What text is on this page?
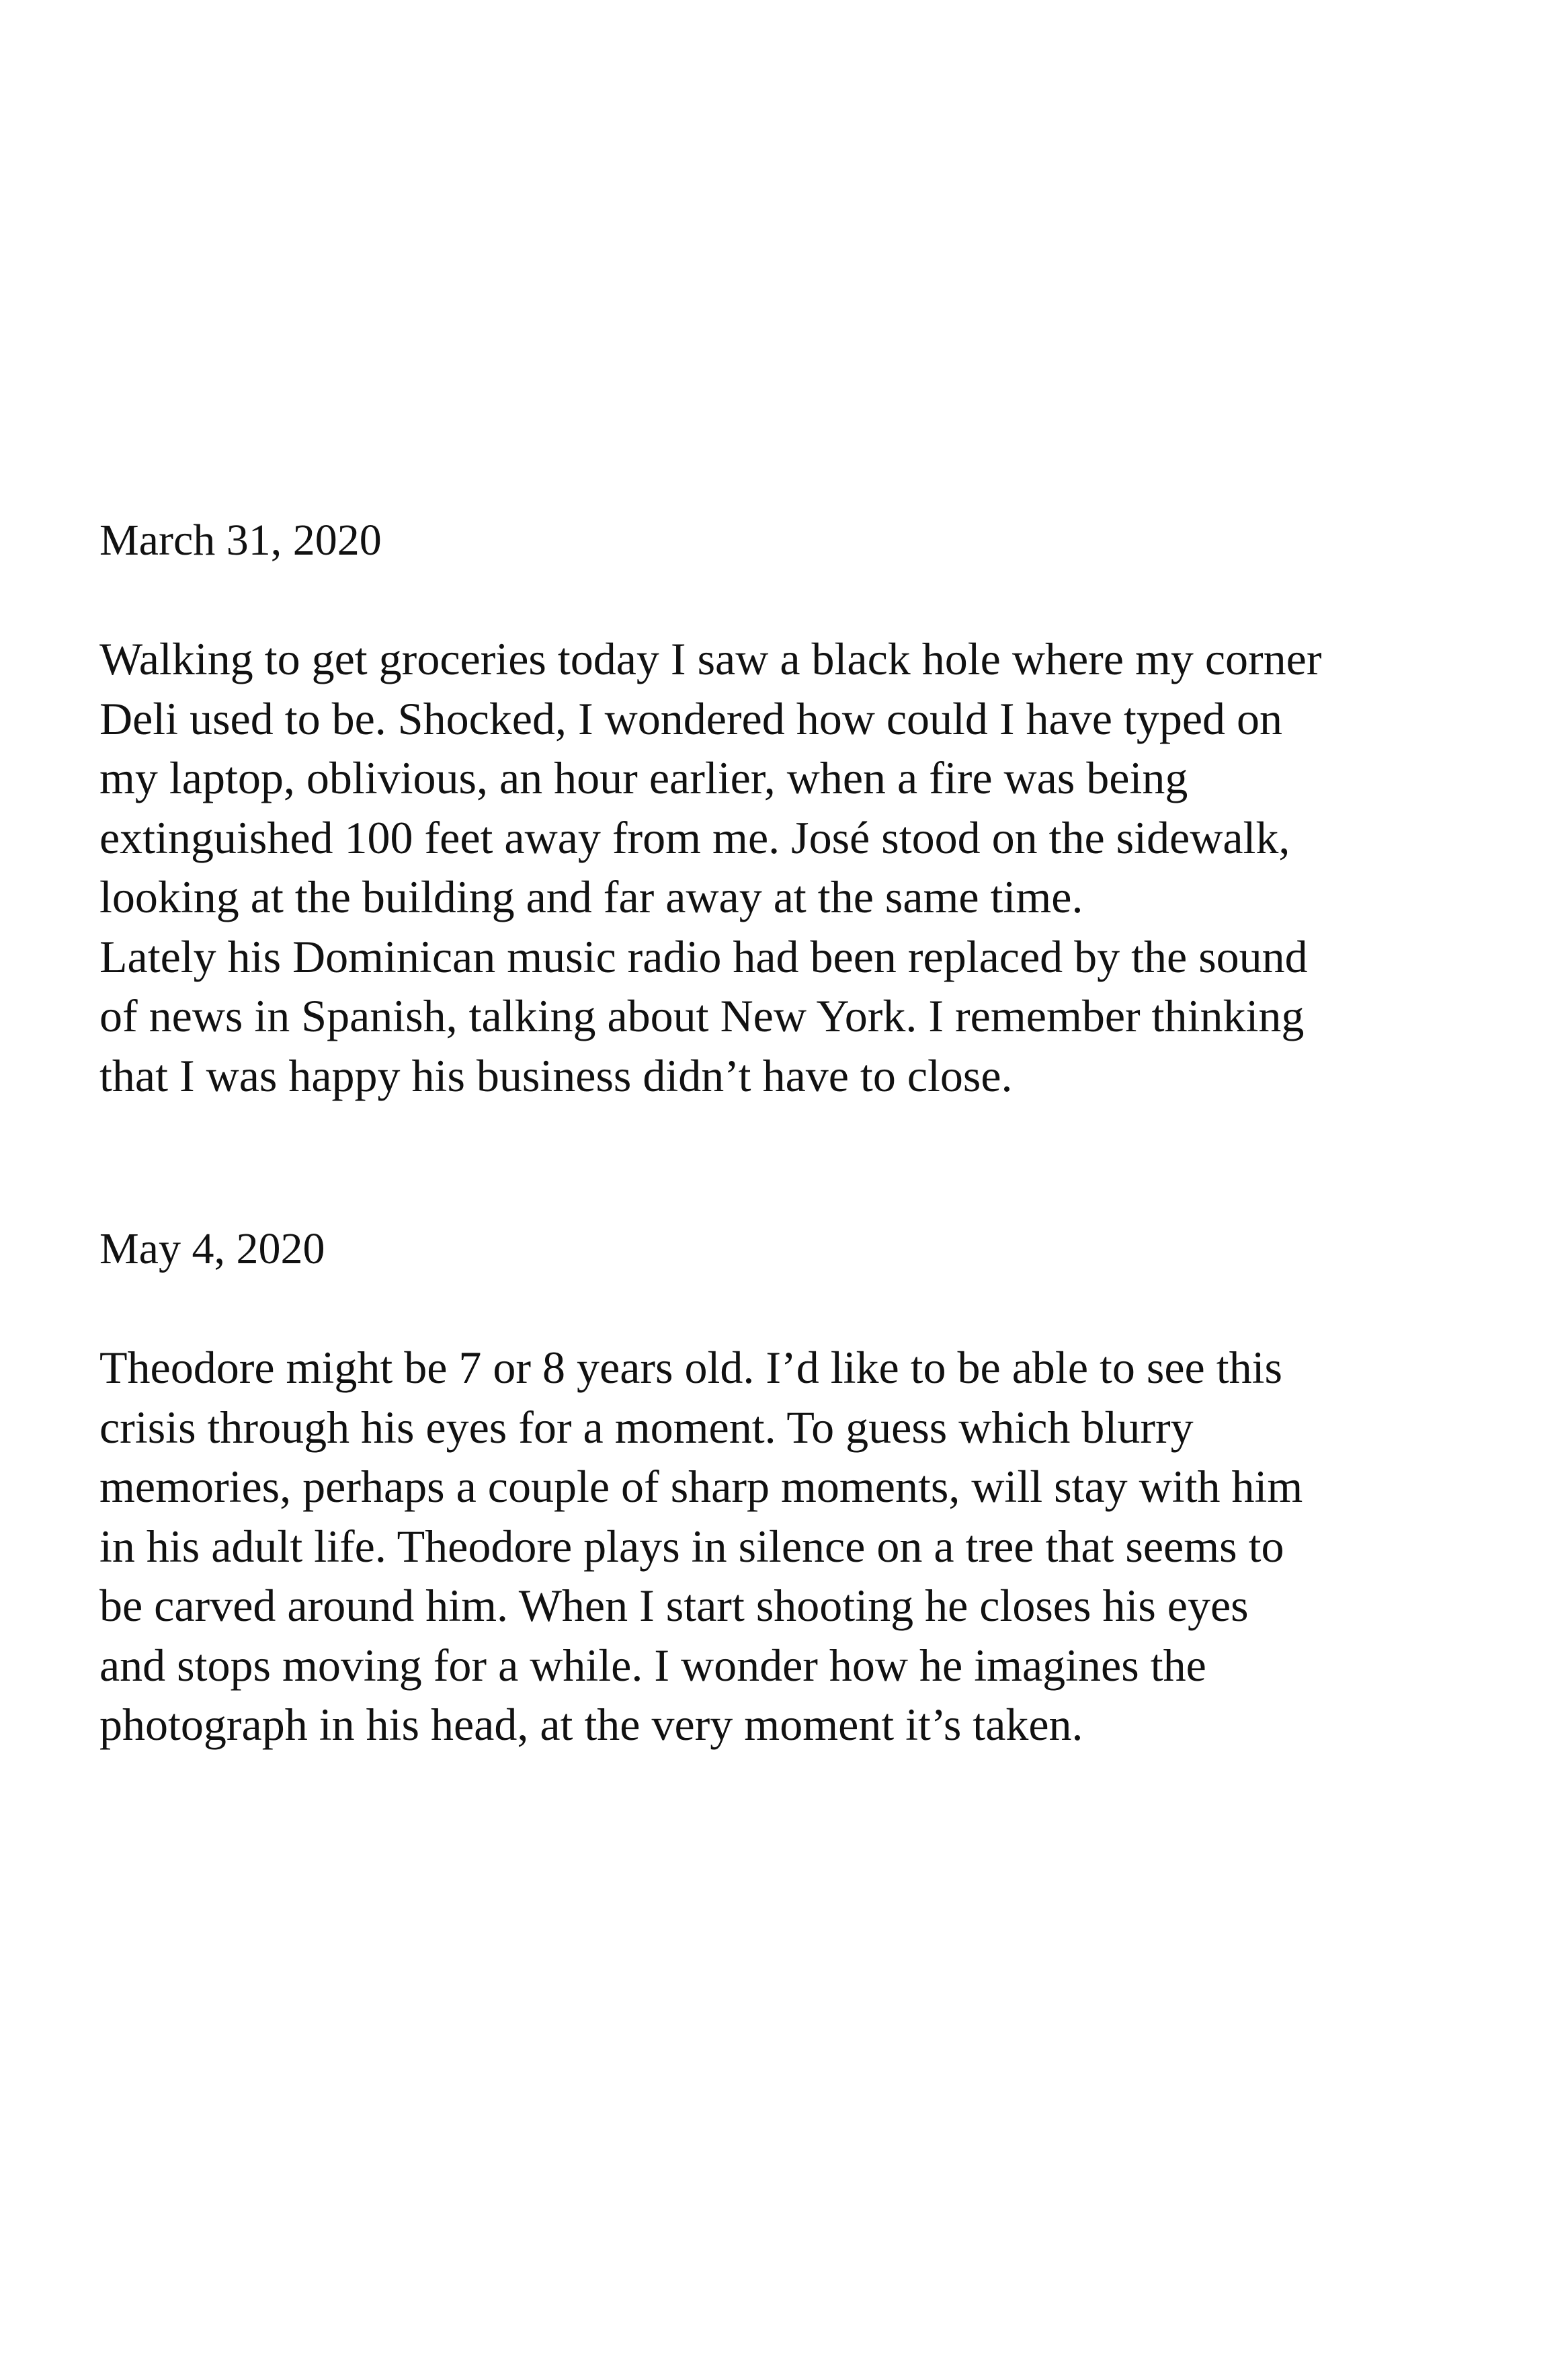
March 31, 2020

Walking to get groceries today I saw a black hole where my corner
Deli used to be. Shocked, I wondered how could I have typed on
my laptop, oblivious, an hour earlier, when a fire was being
extinguished 100 feet away from me. José stood on the sidewalk,
looking at the building and far away at the same time.
Lately his Dominican music radio had been replaced by the sound
of news in Spanish, talking about New York. I remember thinking
that I was happy his business didn’t have to close.

May 4, 2020

Theodore might be 7 or 8 years old. I’d like to be able to see this
crisis through his eyes for a moment. To guess which blurry
memories, perhaps a couple of sharp moments, will stay with him
in his adult life. Theodore plays in silence on a tree that seems to
be carved around him. When I start shooting he closes his eyes
and stops moving for a while. I wonder how he imagines the
photograph in his head, at the very moment it’s taken.
